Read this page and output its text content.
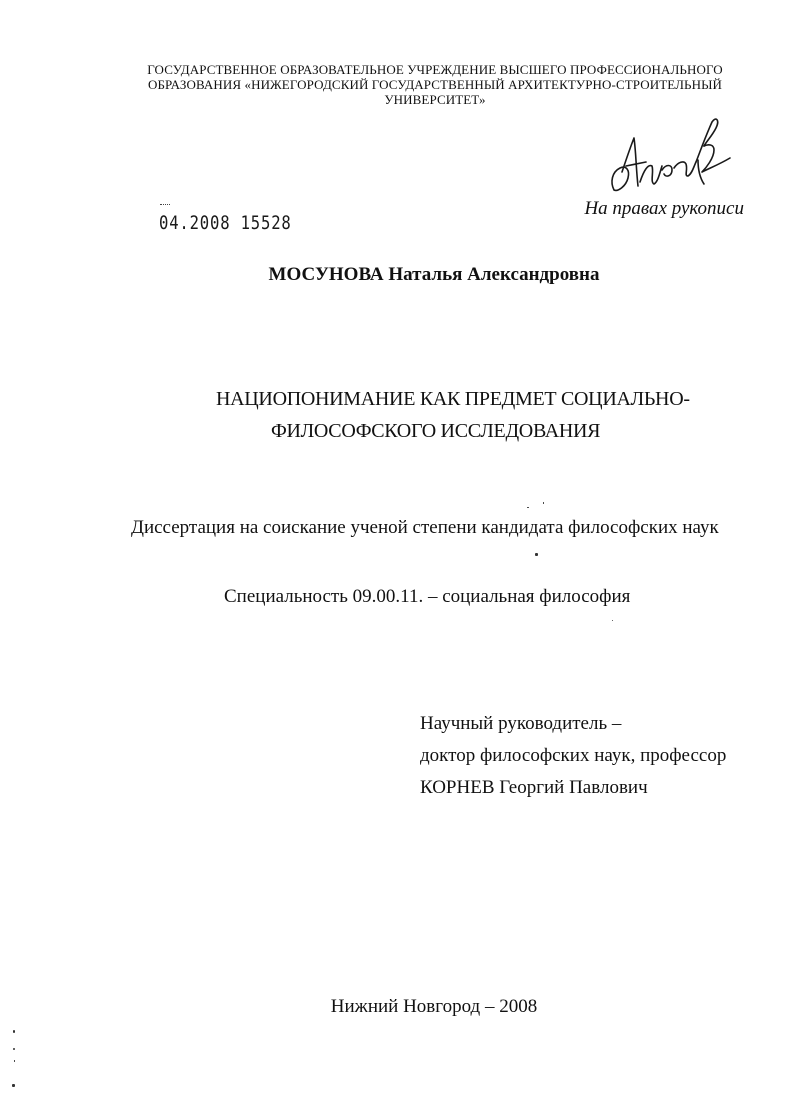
ГОСУДАРСТВЕННОЕ ОБРАЗОВАТЕЛЬНОЕ УЧРЕЖДЕНИЕ ВЫСШЕГО ПРОФЕССИОНАЛЬНОГО
ОБРАЗОВАНИЯ «НИЖЕГОРОДСКИЙ ГОСУДАРСТВЕННЫЙ АРХИТЕКТУРНО-СТРОИТЕЛЬНЫЙ
УНИВЕРСИТЕТ»
На правах рукописи
04.2008 15528
МОСУНОВА Наталья Александровна
НАЦИОПОНИМАНИЕ КАК ПРЕДМЕТ СОЦИАЛЬНО-
ФИЛОСОФСКОГО ИССЛЕДОВАНИЯ
Диссертация на соискание ученой степени кандидата философских наук
Специальность 09.00.11. – социальная философия
Научный руководитель –
доктор философских наук, профессор
КОРНЕВ Георгий Павлович
Нижний Новгород – 2008
